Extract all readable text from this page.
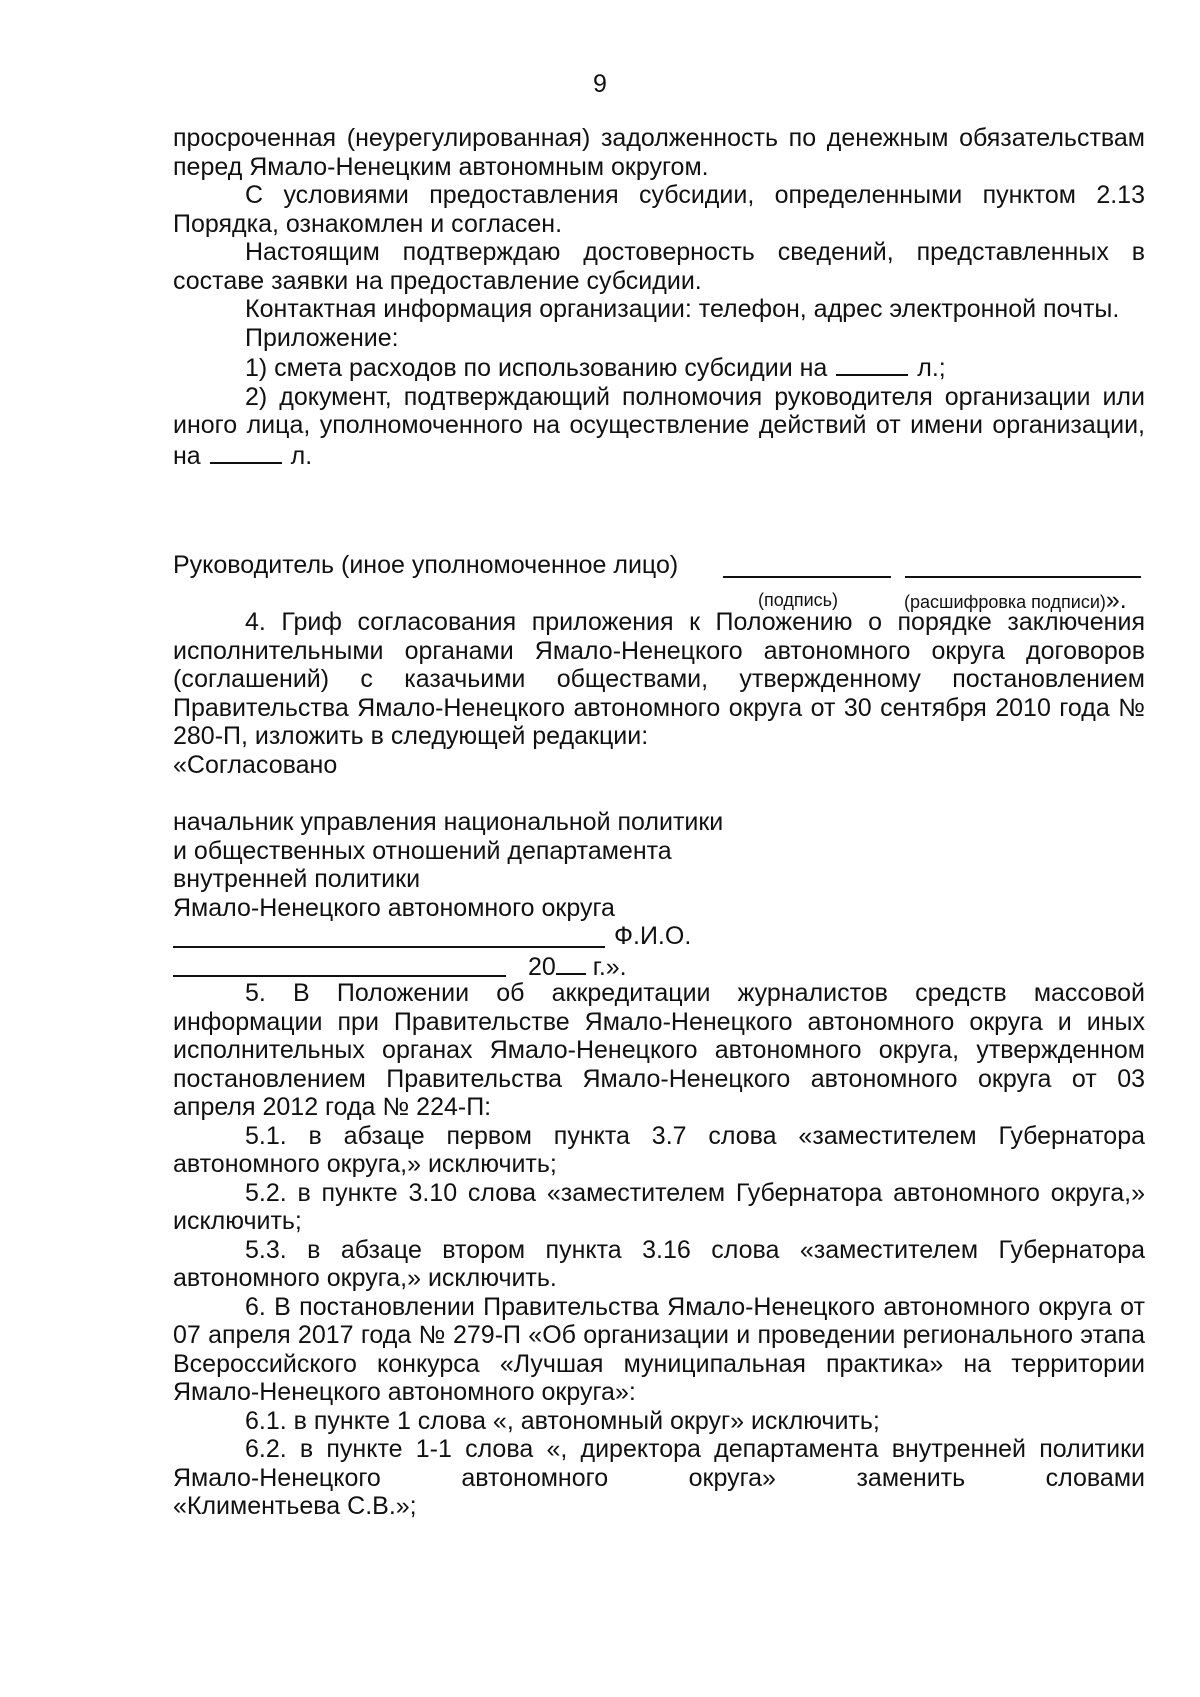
9

просроченная (неурегулированная) задолженность по денежным обязательствам перед Ямало-Ненецким автономным округом.

С условиями предоставления субсидии, определенными пунктом 2.13 Порядка, ознакомлен и согласен.

Настоящим подтверждаю достоверность сведений, представленных в составе заявки на предоставление субсидии.

Контактная информация организации: телефон, адрес электронной почты.

Приложение:

1) смета расходов по использованию субсидии на	л.;

2) документ, подтверждающий полномочия руководителя организации или иного лица, уполномоченного на осуществление действий от имени организации, на	л.

Руководитель (иное уполномоченное лицо)
(подпись)	(расшифровка подписи)».

4. Гриф согласования приложения к Положению о порядке заключения исполнительными органами Ямало-Ненецкого автономного округа договоров (соглашений) с казачьими обществами, утвержденному постановлением Правительства Ямало-Ненецкого автономного округа от 30 сентября 2010 года № 280-П, изложить в следующей редакции:

«Согласовано

начальник управления национальной политики

и общественных отношений департамента

внутренней политики

Ямало-Ненецкого автономного округа

Ф.И.О.
20 г.».

5. В Положении об аккредитации журналистов средств массовой информации при Правительстве Ямало-Ненецкого автономного округа и иных исполнительных органах Ямало-Ненецкого автономного округа, утвержденном постановлением Правительства Ямало-Ненецкого автономного округа от 03 апреля 2012 года № 224-П:

5.1. в абзаце первом пункта 3.7 слова «заместителем Губернатора автономного округа,» исключить;

5.2. в пункте 3.10 слова «заместителем Губернатора автономного округа,» исключить;

5.3. в абзаце втором пункта 3.16 слова «заместителем Губернатора автономного округа,» исключить.

6. В постановлении Правительства Ямало-Ненецкого автономного округа от 07 апреля 2017 года № 279-П «Об организации и проведении регионального этапа Всероссийского конкурса «Лучшая муниципальная практика» на территории Ямало-Ненецкого автономного округа»:

6.1. в пункте 1 слова «, автономный округ» исключить;

6.2. в пункте 1-1 слова «, директора департамента внутренней политики

Ямало-Ненецкого автономного округа» заменить словами

«Климентьева С.В.»;
